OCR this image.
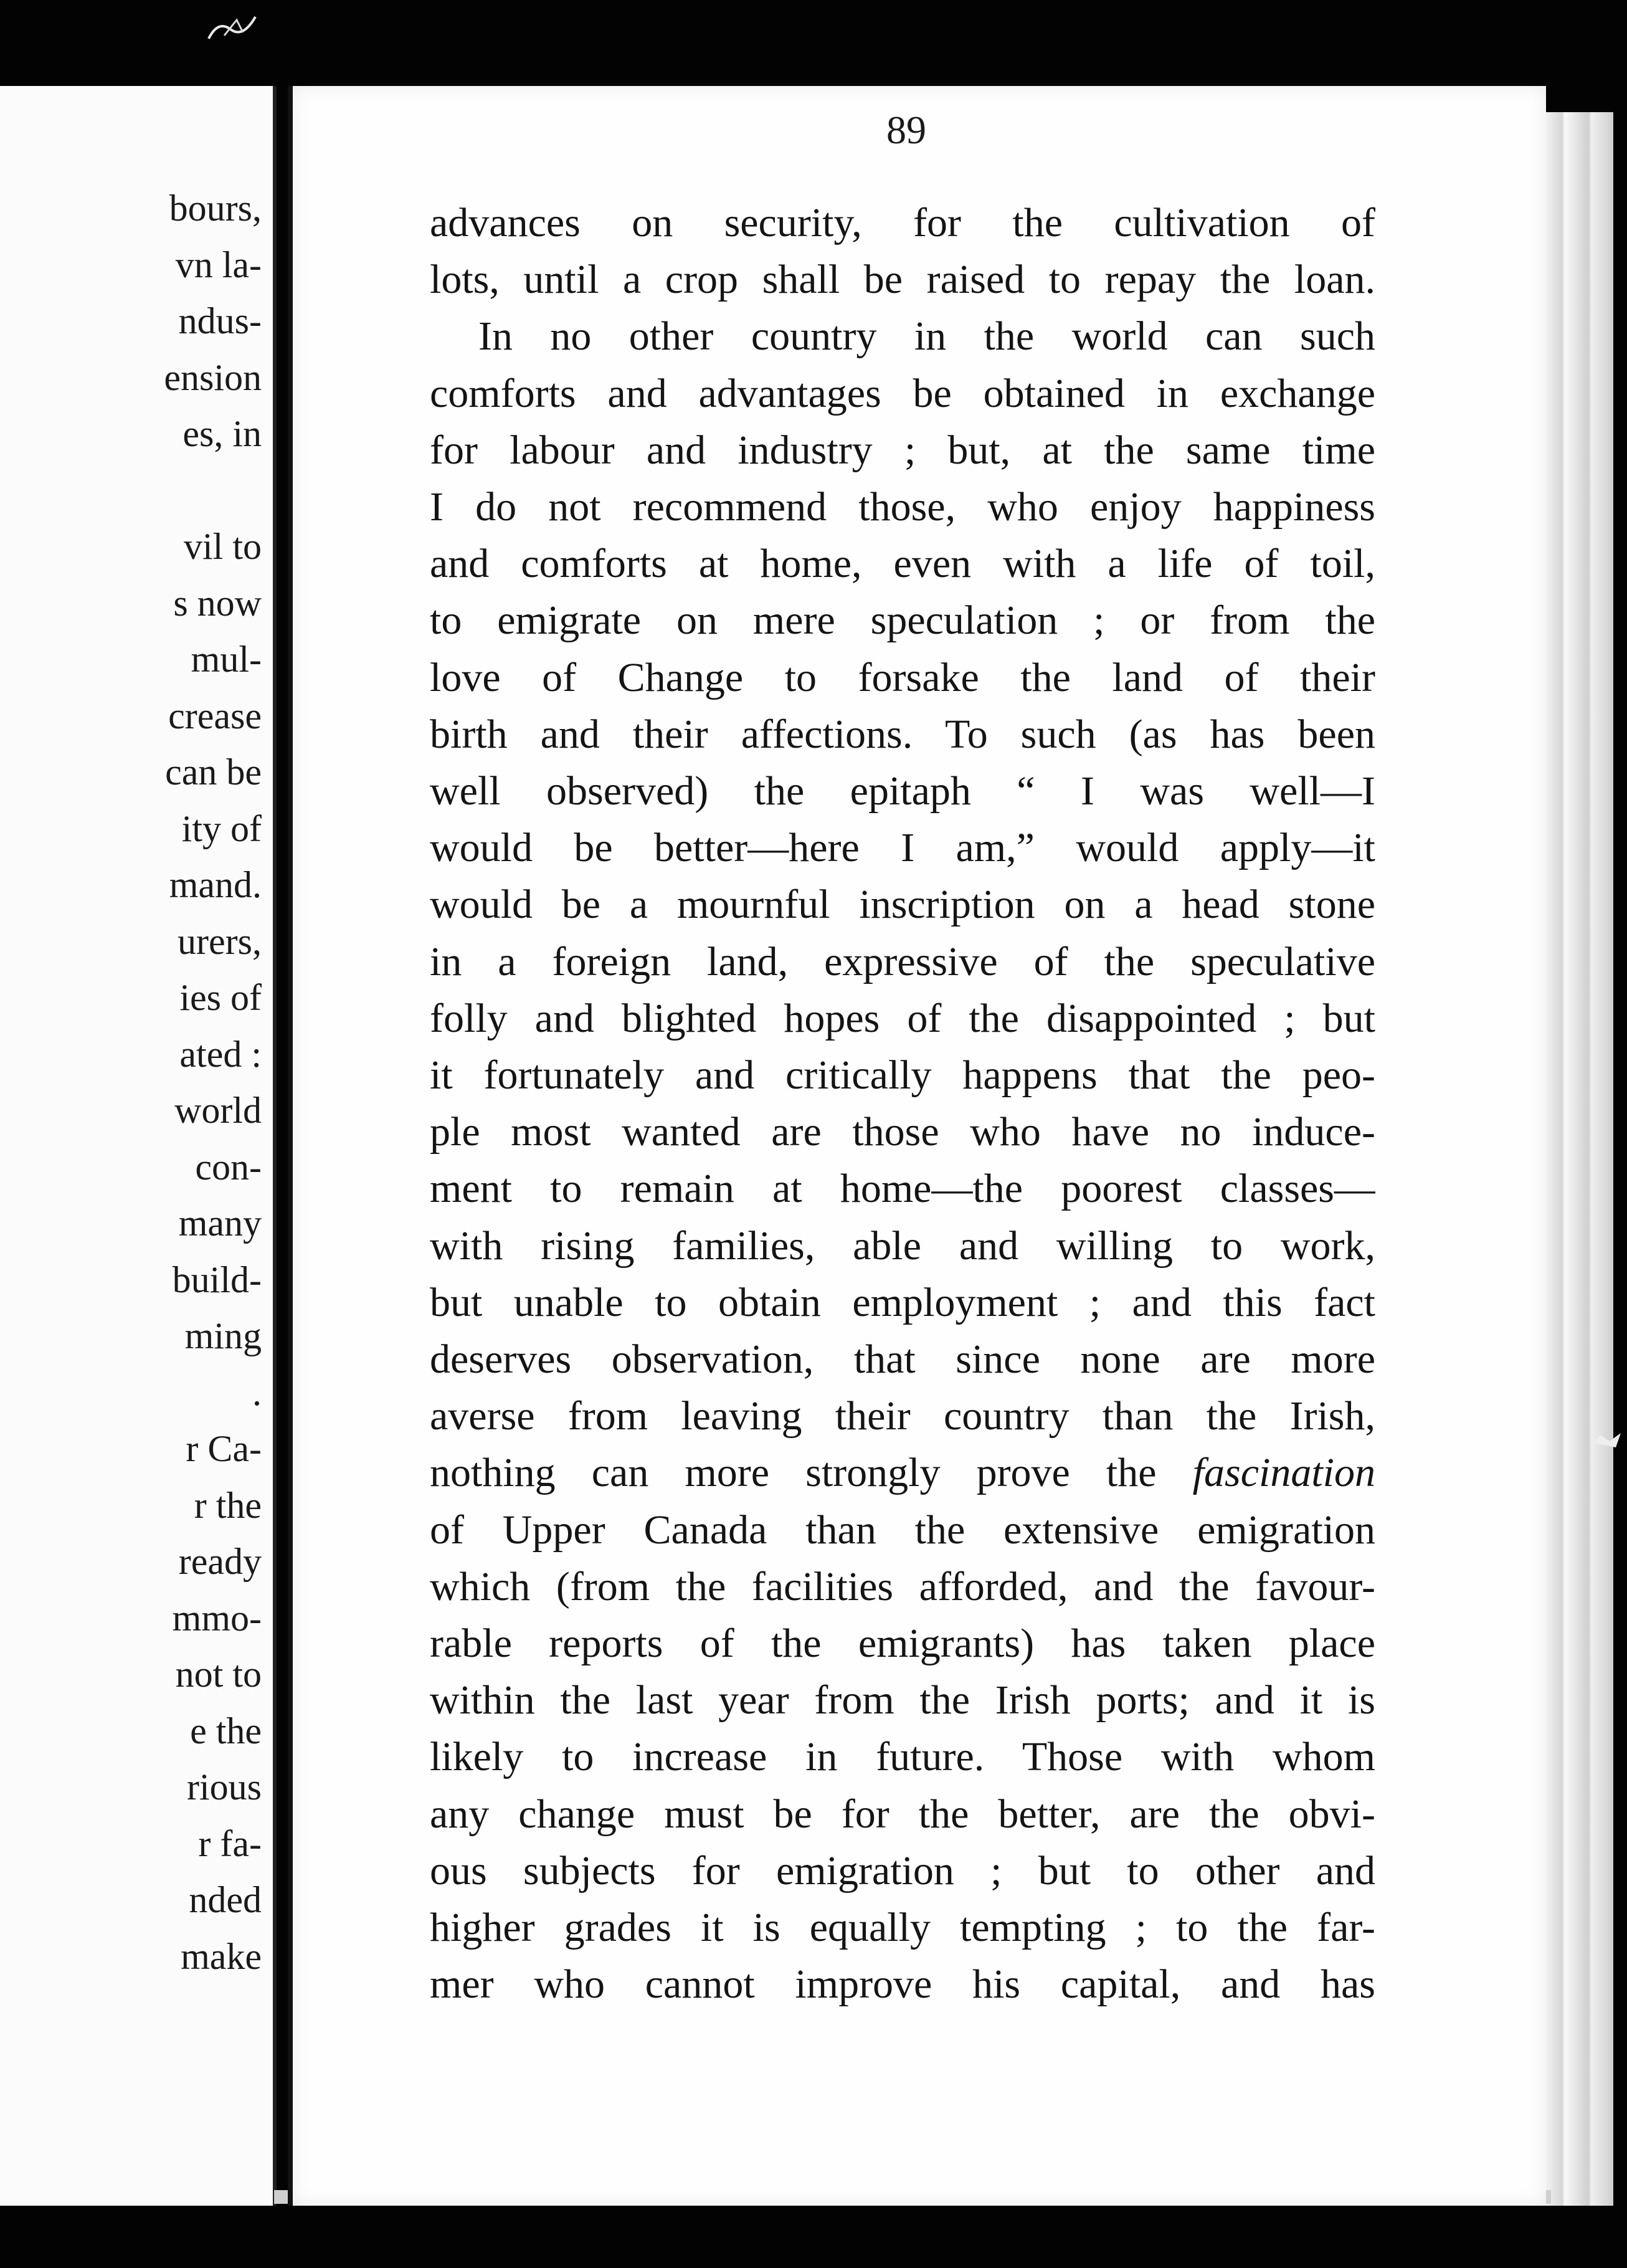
bours,
vn la-
ndus-
ension
es, in
vil to
s now
mul-
crease
can be
ity of
mand.
urers,
ies of
ated :
world
con-
many
build-
ming
.
r Ca-
r the
ready
mmo-
not to
e the
rious
r fa-
nded
make
89
advances on security, for the cultivation of
lots, until a crop shall be raised to repay the loan.
In no other country in the world can such
comforts and advantages be obtained in exchange
for labour and industry ; but, at the same time
I do not recommend those, who enjoy happiness
and comforts at home, even with a life of toil,
to emigrate on mere speculation ; or from the
love of Change to forsake the land of their
birth and their affections. To such (as has been
well observed) the epitaph “ I was well—I
would be better—here I am,” would apply—it
would be a mournful inscription on a head stone
in a foreign land, expressive of the speculative
folly and blighted hopes of the disappointed ; but
it fortunately and critically happens that the peo-
ple most wanted are those who have no induce-
ment to remain at home—the poorest classes—
with rising families, able and willing to work,
but unable to obtain employment ; and this fact
deserves observation, that since none are more
averse from leaving their country than the Irish,
nothing can more strongly prove the fascination
of Upper Canada than the extensive emigration
which (from the facilities afforded, and the favour-
rable reports of the emigrants) has taken place
within the last year from the Irish ports; and it is
likely to increase in future. Those with whom
any change must be for the better, are the obvi-
ous subjects for emigration ; but to other and
higher grades it is equally tempting ; to the far-
mer who cannot improve his capital, and has
